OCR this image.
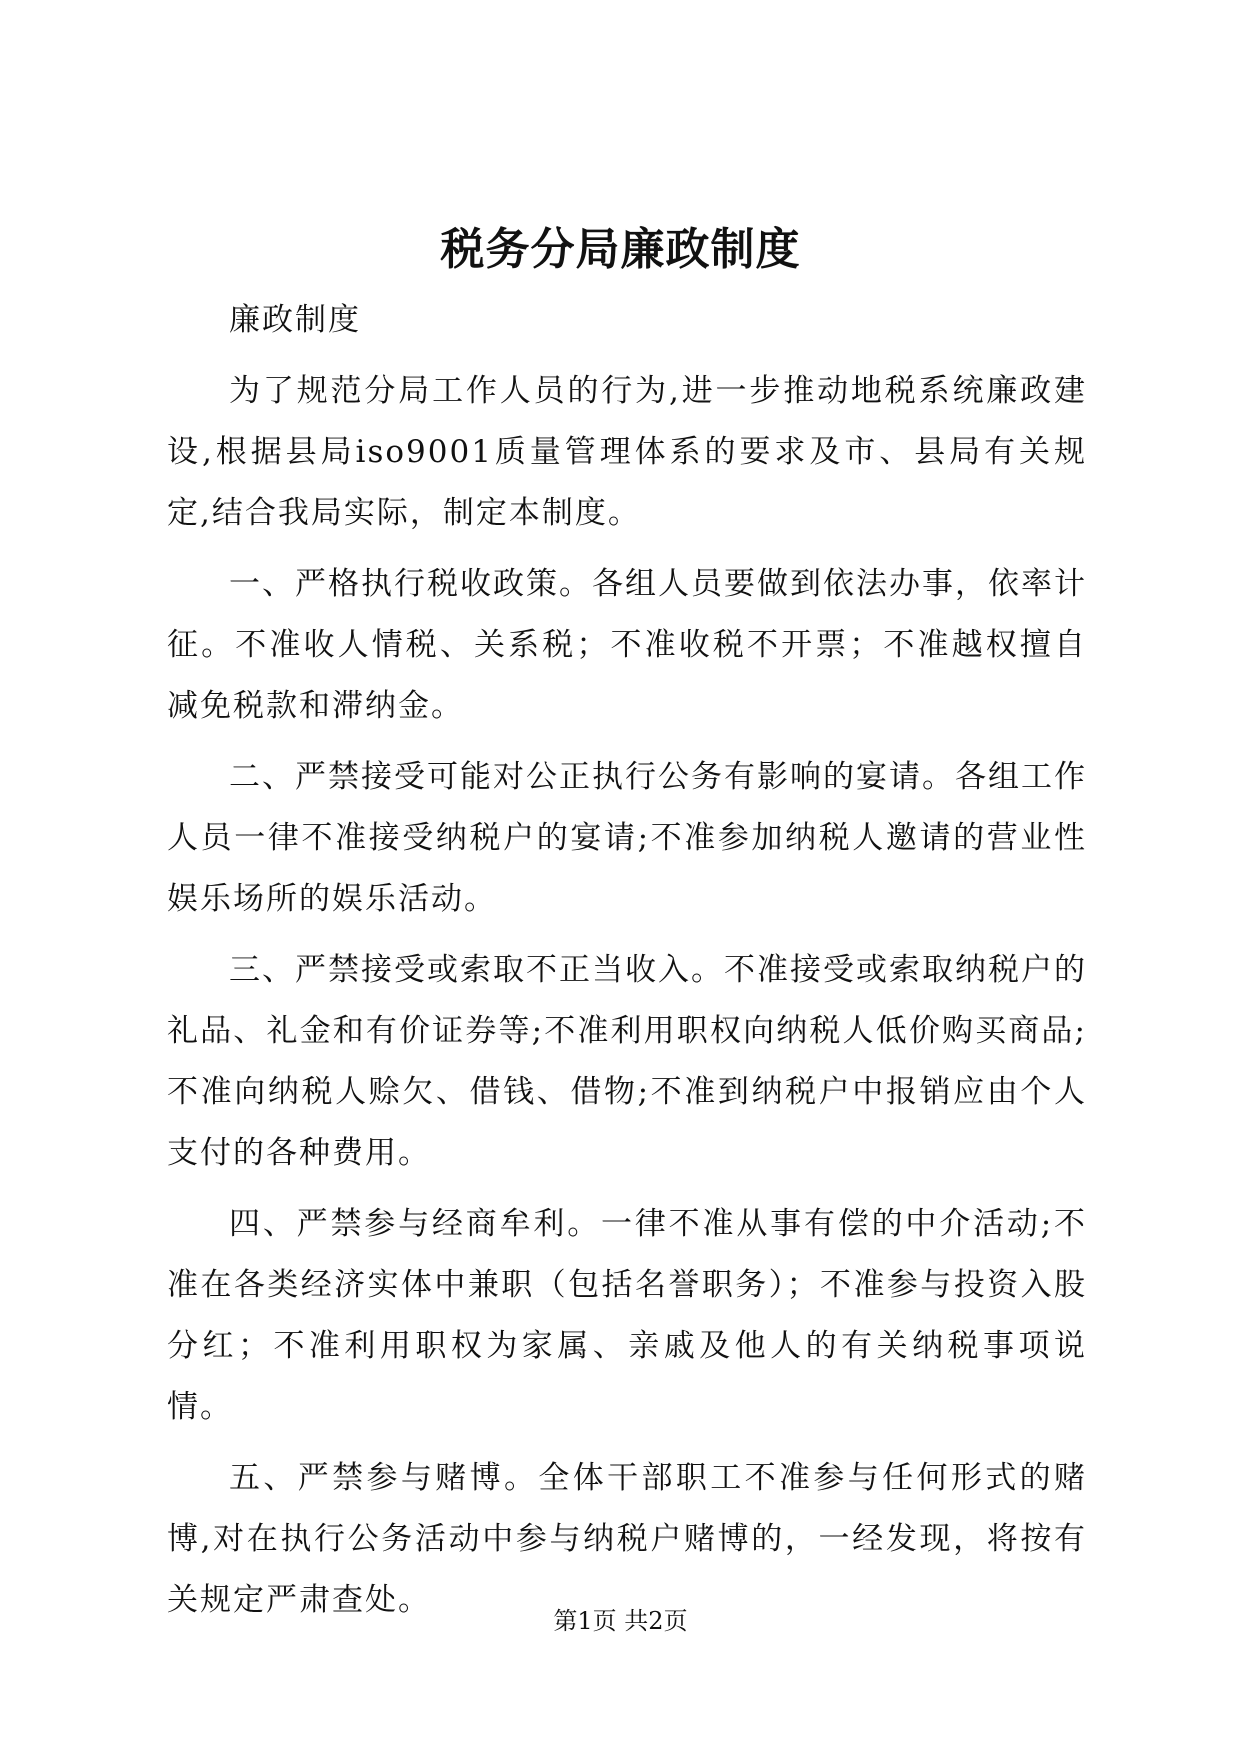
税务分局廉政制度

廉政制度

为了规范分局工作人员的行为,进一步推动地税系统廉政建设,根据县局iso9001质量管理体系的要求及市、县局有关规定,结合我局实际，制定本制度。

一、严格执行税收政策。各组人员要做到依法办事，依率计征。不准收人情税、关系税；不准收税不开票；不准越权擅自减免税款和滞纳金。

二、严禁接受可能对公正执行公务有影响的宴请。各组工作人员一律不准接受纳税户的宴请;不准参加纳税人邀请的营业性娱乐场所的娱乐活动。

三、严禁接受或索取不正当收入。不准接受或索取纳税户的礼品、礼金和有价证券等;不准利用职权向纳税人低价购买商品;不准向纳税人赊欠、借钱、借物;不准到纳税户中报销应由个人支付的各种费用。

四、严禁参与经商牟利。一律不准从事有偿的中介活动;不准在各类经济实体中兼职（包括名誉职务）；不准参与投资入股分红；不准利用职权为家属、亲戚及他人的有关纳税事项说情。

五、严禁参与赌博。全体干部职工不准参与任何形式的赌博,对在执行公务活动中参与纳税户赌博的，一经发现，将按有关规定严肃查处。

第1页 共2页
